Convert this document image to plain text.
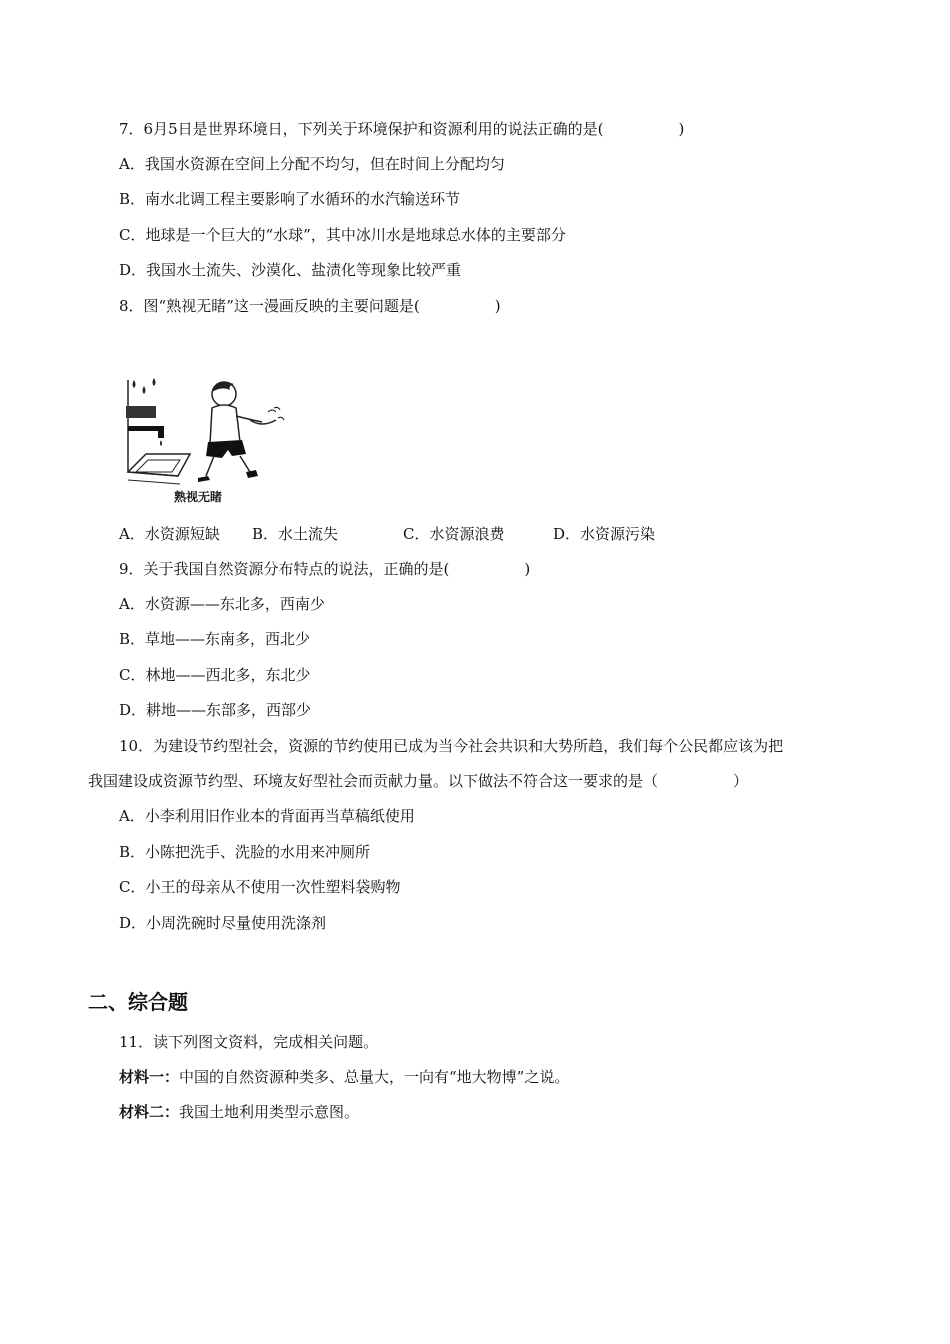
7．6月5日是世界环境日，下列关于环境保护和资源利用的说法正确的是(　　　　　)
A．我国水资源在空间上分配不均匀，但在时间上分配均匀
B．南水北调工程主要影响了水循环的水汽输送环节
C．地球是一个巨大的“水球”，其中冰川水是地球总水体的主要部分
D．我国水土流失、沙漠化、盐渍化等现象比较严重
8．图“熟视无睹”这一漫画反映的主要问题是(　　　　　)
节约用水
熟视无睹
A．水资源短缺 B．水土流失	C．水资源浪费	D．水资源污染
9．关于我国自然资源分布特点的说法，正确的是(　　　　　)
A．水资源——东北多，西南少
B．草地——东南多，西北少
C．林地——西北多，东北少
D．耕地——东部多，西部少
10．为建设节约型社会，资源的节约使用已成为当今社会共识和大势所趋，我们每个公民都应该为把
我国建设成资源节约型、环境友好型社会而贡献力量。以下做法不符合这一要求的是（　　　　　）
A．小李利用旧作业本的背面再当草稿纸使用
B．小陈把洗手、洗脸的水用来冲厕所
C．小王的母亲从不使用一次性塑料袋购物
D．小周洗碗时尽量使用洗涤剂
二、综合题
11．读下列图文资料，完成相关问题。
材料一：中国的自然资源种类多、总量大，一向有“地大物博”之说。
材料二：我国土地利用类型示意图。
